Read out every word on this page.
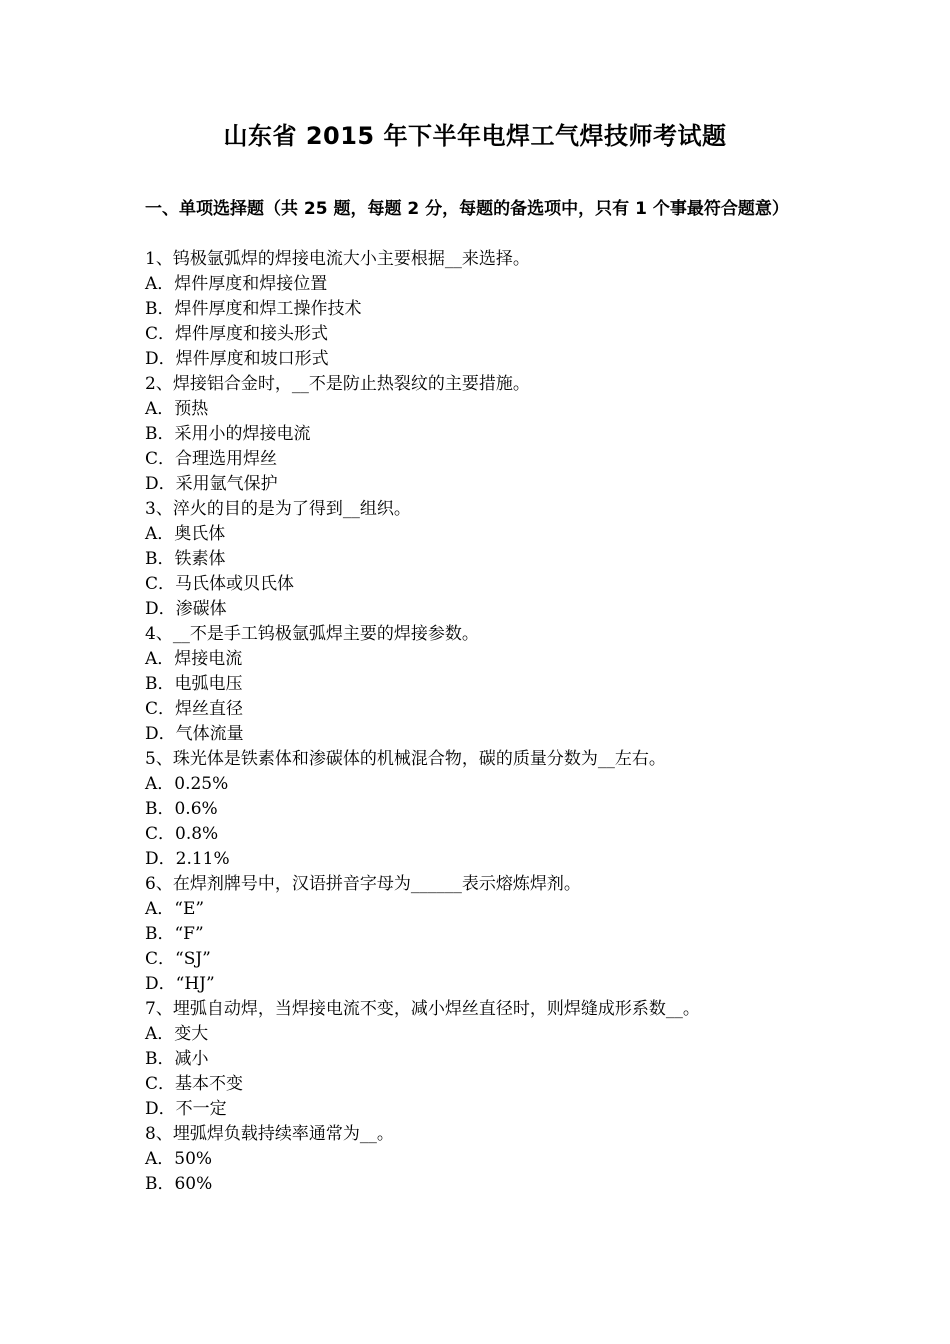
山东省 2015 年下半年电焊工气焊技师考试题
一、单项选择题（共 25 题，每题 2 分，每题的备选项中，只有 1 个事最符合题意）
1、钨极氩弧焊的焊接电流大小主要根据__来选择。
A．焊件厚度和焊接位置
B．焊件厚度和焊工操作技术
C．焊件厚度和接头形式
D．焊件厚度和坡口形式
2、焊接铝合金时，__不是防止热裂纹的主要措施。
A．预热
B．采用小的焊接电流
C．合理选用焊丝
D．采用氩气保护
3、淬火的目的是为了得到__组织。
A．奥氏体
B．铁素体
C．马氏体或贝氏体
D．渗碳体
4、__不是手工钨极氩弧焊主要的焊接参数。
A．焊接电流
B．电弧电压
C．焊丝直径
D．气体流量
5、珠光体是铁素体和渗碳体的机械混合物，碳的质量分数为__左右。
A．0.25%
B．0.6%
C．0.8%
D．2.11%
6、在焊剂牌号中，汉语拼音字母为______表示熔炼焊剂。
A．“E”
B．“F”
C．“SJ”
D．“HJ”
7、埋弧自动焊，当焊接电流不变，减小焊丝直径时，则焊缝成形系数__。
A．变大
B．减小
C．基本不变
D．不一定
8、埋弧焊负载持续率通常为__。
A．50%
B．60%
